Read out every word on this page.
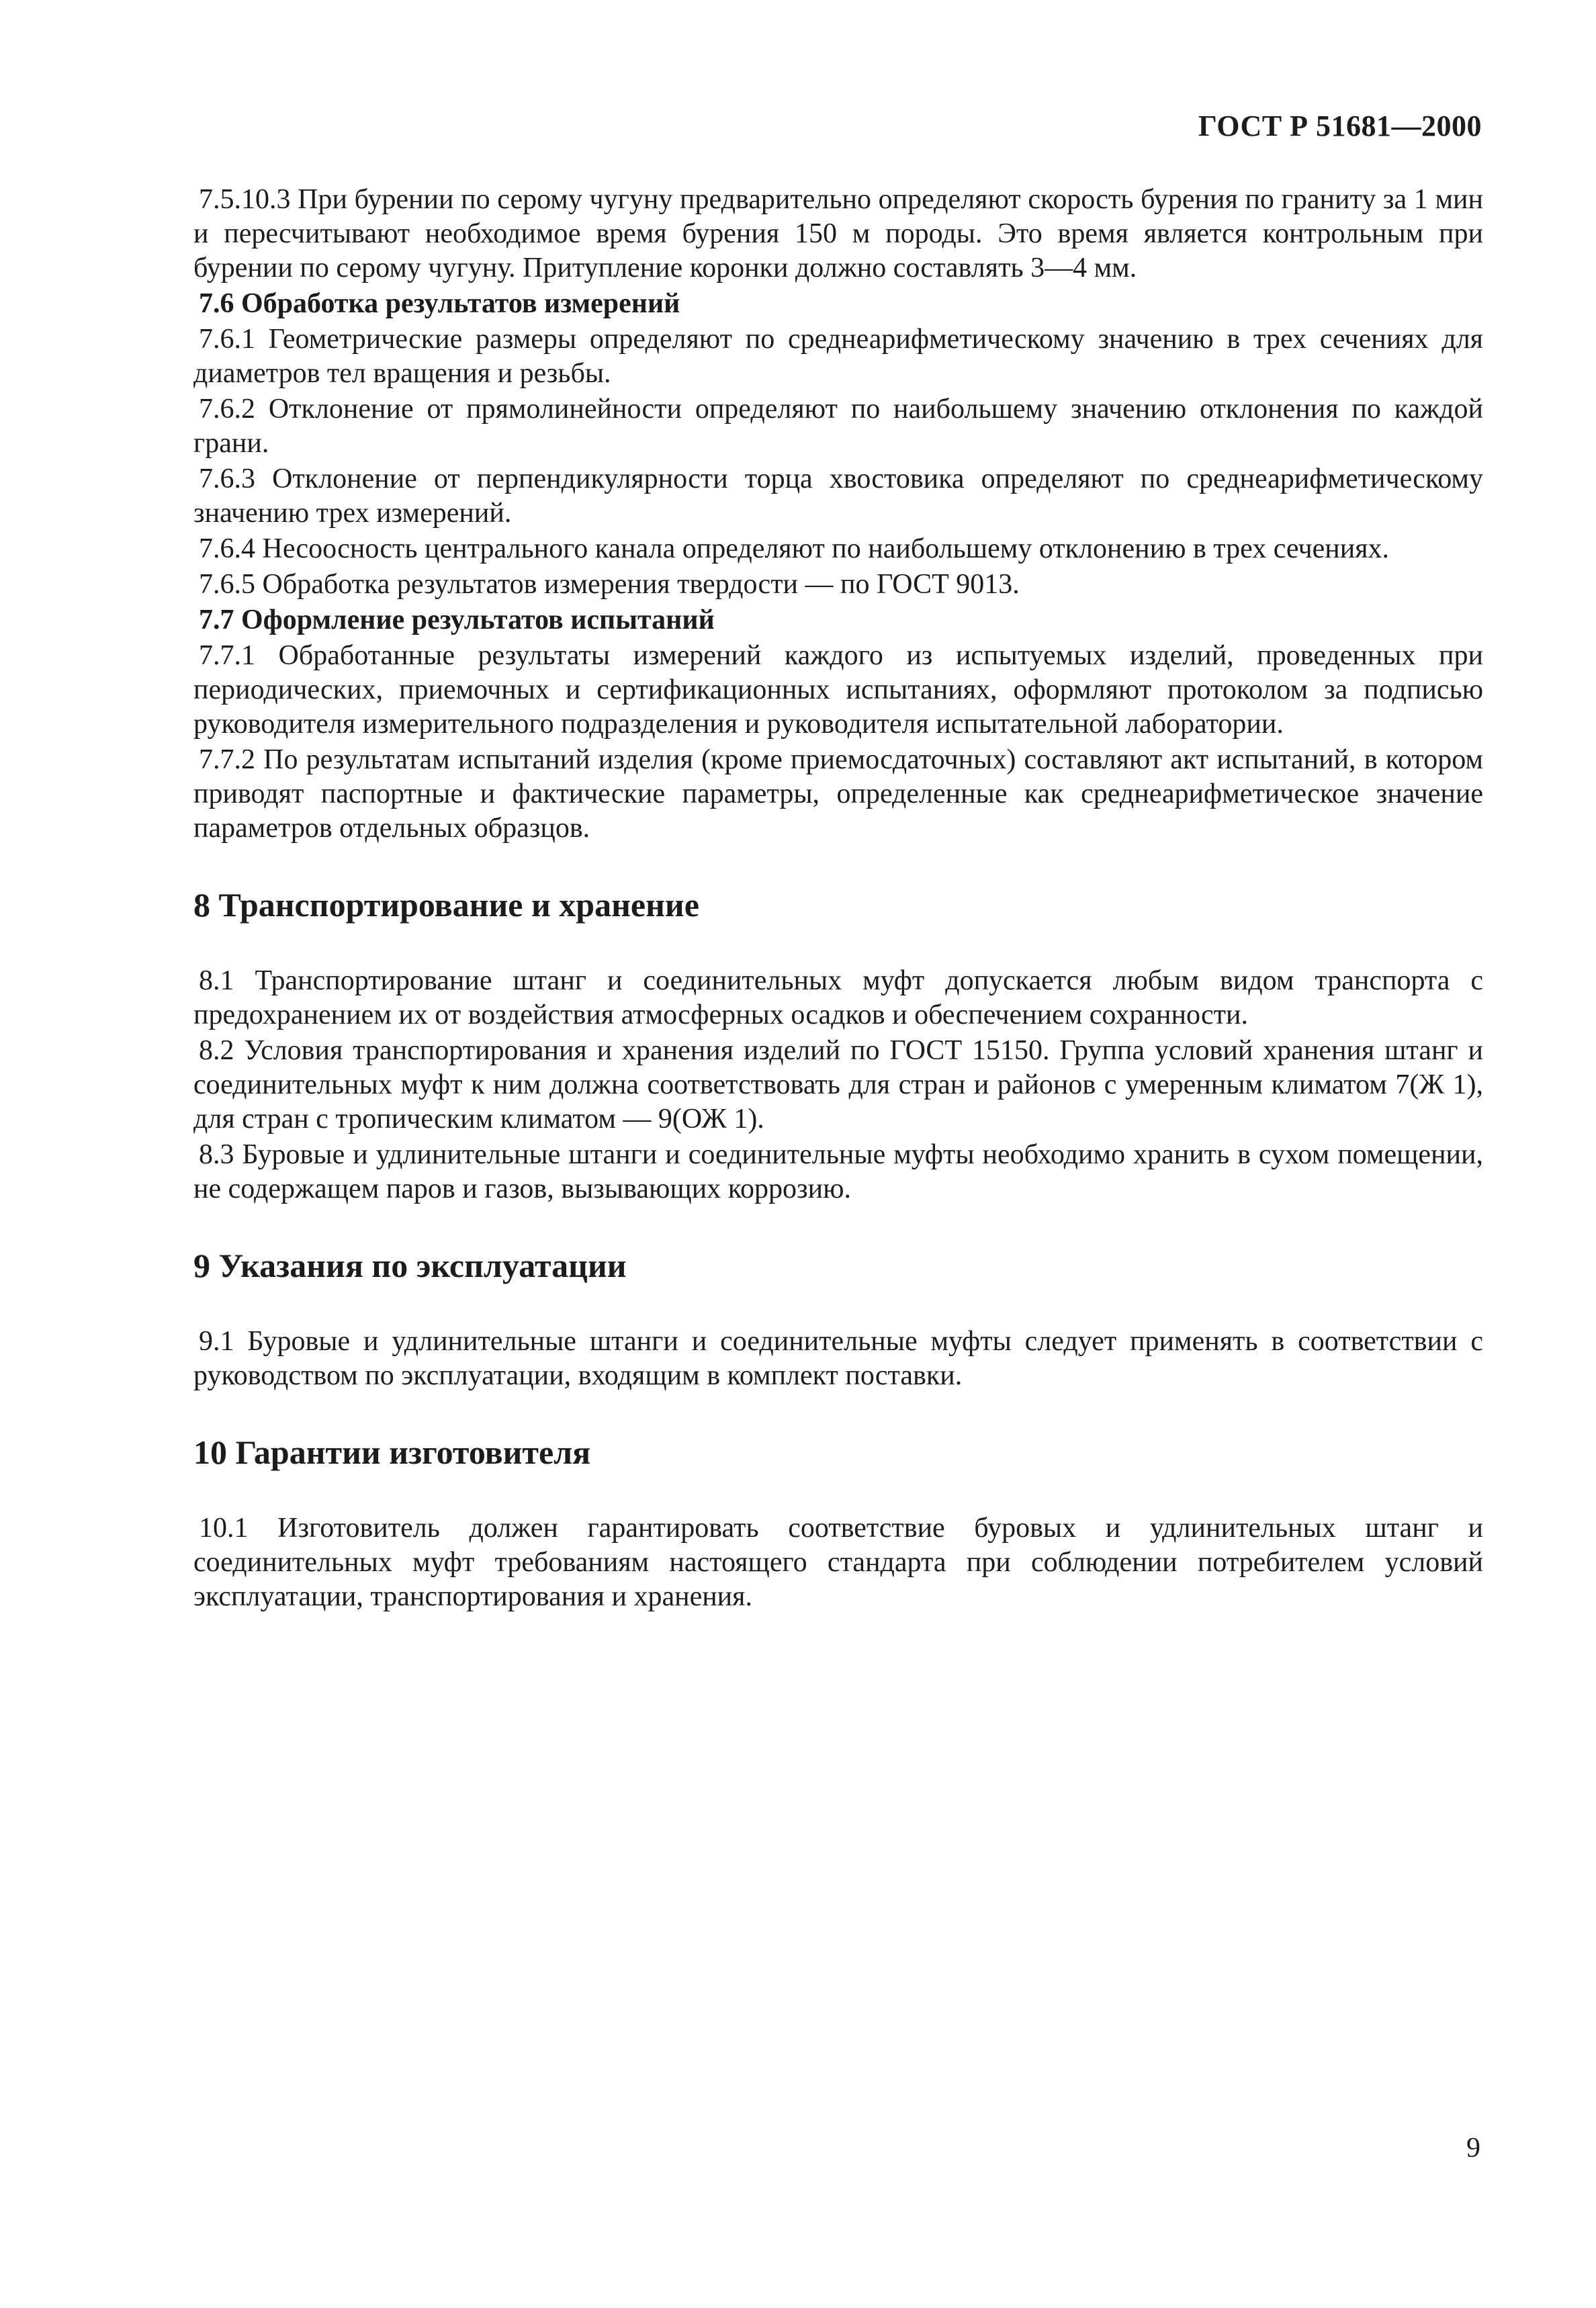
ГОСТ Р 51681—2000

7.5.10.3 При бурении по серому чугуну предварительно определяют скорость бурения по граниту за 1 мин и пересчитывают необходимое время бурения 150 м породы. Это время является контрольным при бурении по серому чугуну. Притупление коронки должно составлять 3—4 мм.

7.6 Обработка результатов измерений

7.6.1 Геометрические размеры определяют по среднеарифметическому значению в трех сечениях для диаметров тел вращения и резьбы.

7.6.2 Отклонение от прямолинейности определяют по наибольшему значению отклонения по каждой грани.

7.6.3 Отклонение от перпендикулярности торца хвостовика определяют по среднеарифметическому значению трех измерений.

7.6.4 Несоосность центрального канала определяют по наибольшему отклонению в трех сечениях.

7.6.5 Обработка результатов измерения твердости — по ГОСТ 9013.

7.7 Оформление результатов испытаний

7.7.1 Обработанные результаты измерений каждого из испытуемых изделий, проведенных при периодических, приемочных и сертификационных испытаниях, оформляют протоколом за подписью руководителя измерительного подразделения и руководителя испытательной лаборатории.

7.7.2 По результатам испытаний изделия (кроме приемосдаточных) составляют акт испытаний, в котором приводят паспортные и фактические параметры, определенные как среднеарифметическое значение параметров отдельных образцов.

8 Транспортирование и хранение

8.1 Транспортирование штанг и соединительных муфт допускается любым видом транспорта с предохранением их от воздействия атмосферных осадков и обеспечением сохранности.

8.2 Условия транспортирования и хранения изделий по ГОСТ 15150. Группа условий хранения штанг и соединительных муфт к ним должна соответствовать для стран и районов с умеренным климатом 7(Ж 1), для стран с тропическим климатом — 9(ОЖ 1).

8.3 Буровые и удлинительные штанги и соединительные муфты необходимо хранить в сухом помещении, не содержащем паров и газов, вызывающих коррозию.

9 Указания по эксплуатации

9.1 Буровые и удлинительные штанги и соединительные муфты следует применять в соответствии с руководством по эксплуатации, входящим в комплект поставки.

10 Гарантии изготовителя

10.1 Изготовитель должен гарантировать соответствие буровых и удлинительных штанг и соединительных муфт требованиям настоящего стандарта при соблюдении потребителем условий эксплуатации, транспортирования и хранения.

9
